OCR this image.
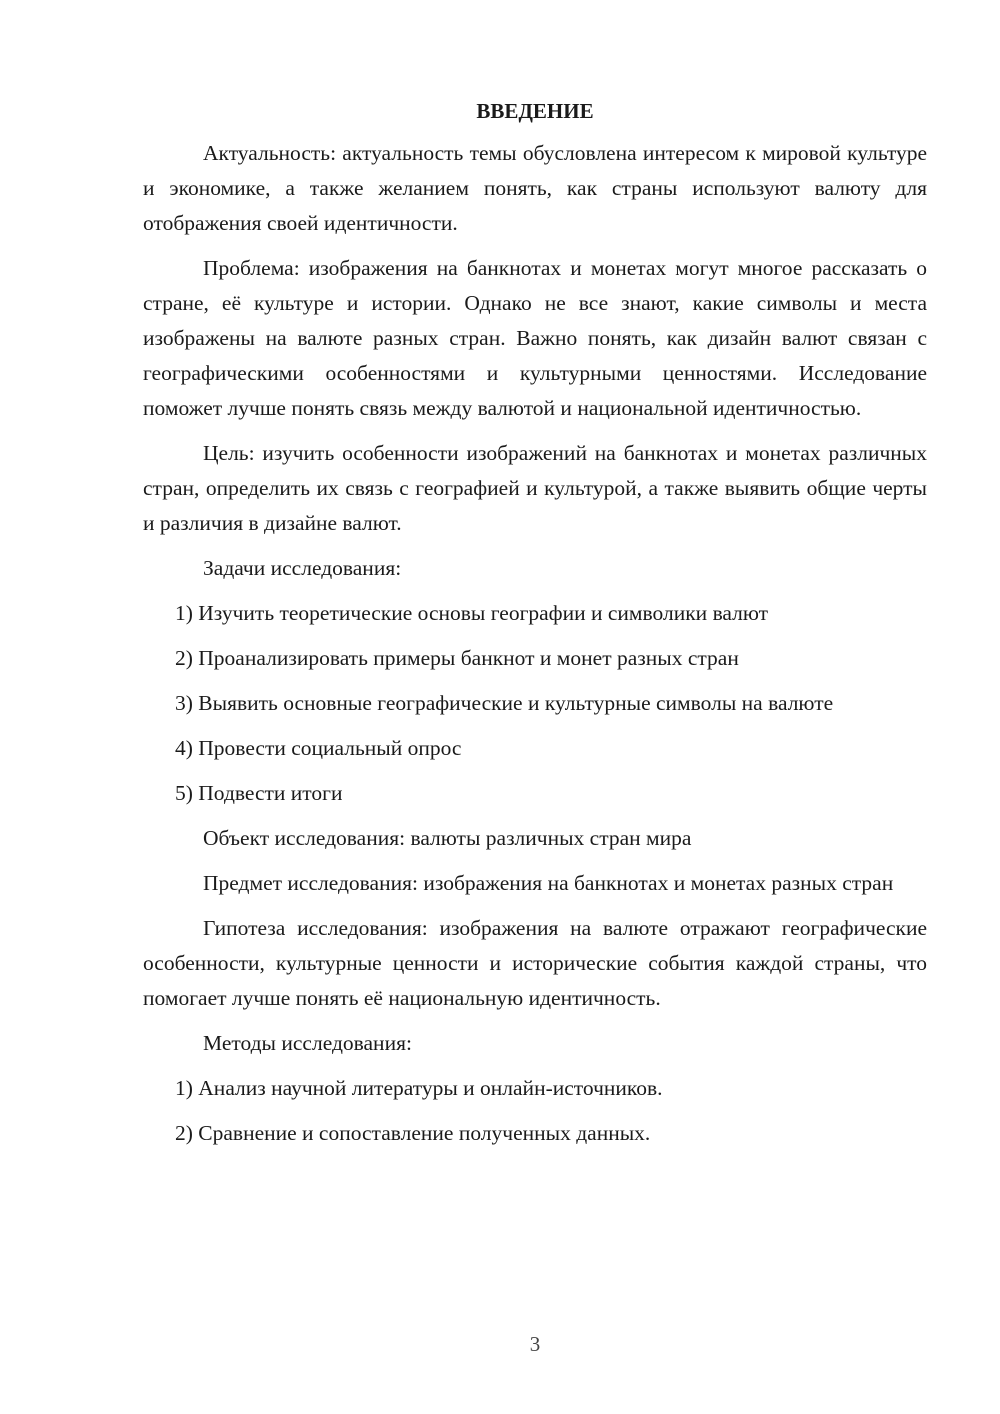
ВВЕДЕНИЕ

Актуальность: актуальность темы обусловлена интересом к мировой культуре и экономике, а также желанием понять, как страны используют валюту для отображения своей идентичности.

Проблема: изображения на банкнотах и монетах могут многое рассказать о стране, её культуре и истории. Однако не все знают, какие символы и места изображены на валюте разных стран. Важно понять, как дизайн валют связан с географическими особенностями и культурными ценностями. Исследование поможет лучше понять связь между валютой и национальной идентичностью.

Цель: изучить особенности изображений на банкнотах и монетах различных стран, определить их связь с географией и культурой, а также выявить общие черты и различия в дизайне валют.

Задачи исследования:

1) Изучить теоретические основы географии и символики валют

2) Проанализировать примеры банкнот и монет разных стран

3) Выявить основные географические и культурные символы на валюте

4) Провести социальный опрос

5) Подвести итоги

Объект исследования: валюты различных стран мира

Предмет исследования: изображения на банкнотах и монетах разных стран

Гипотеза исследования: изображения на валюте отражают географические особенности, культурные ценности и исторические события каждой страны, что помогает лучше понять её национальную идентичность.

Методы исследования:

1) Анализ научной литературы и онлайн-источников.

2) Сравнение и сопоставление полученных данных.

3
